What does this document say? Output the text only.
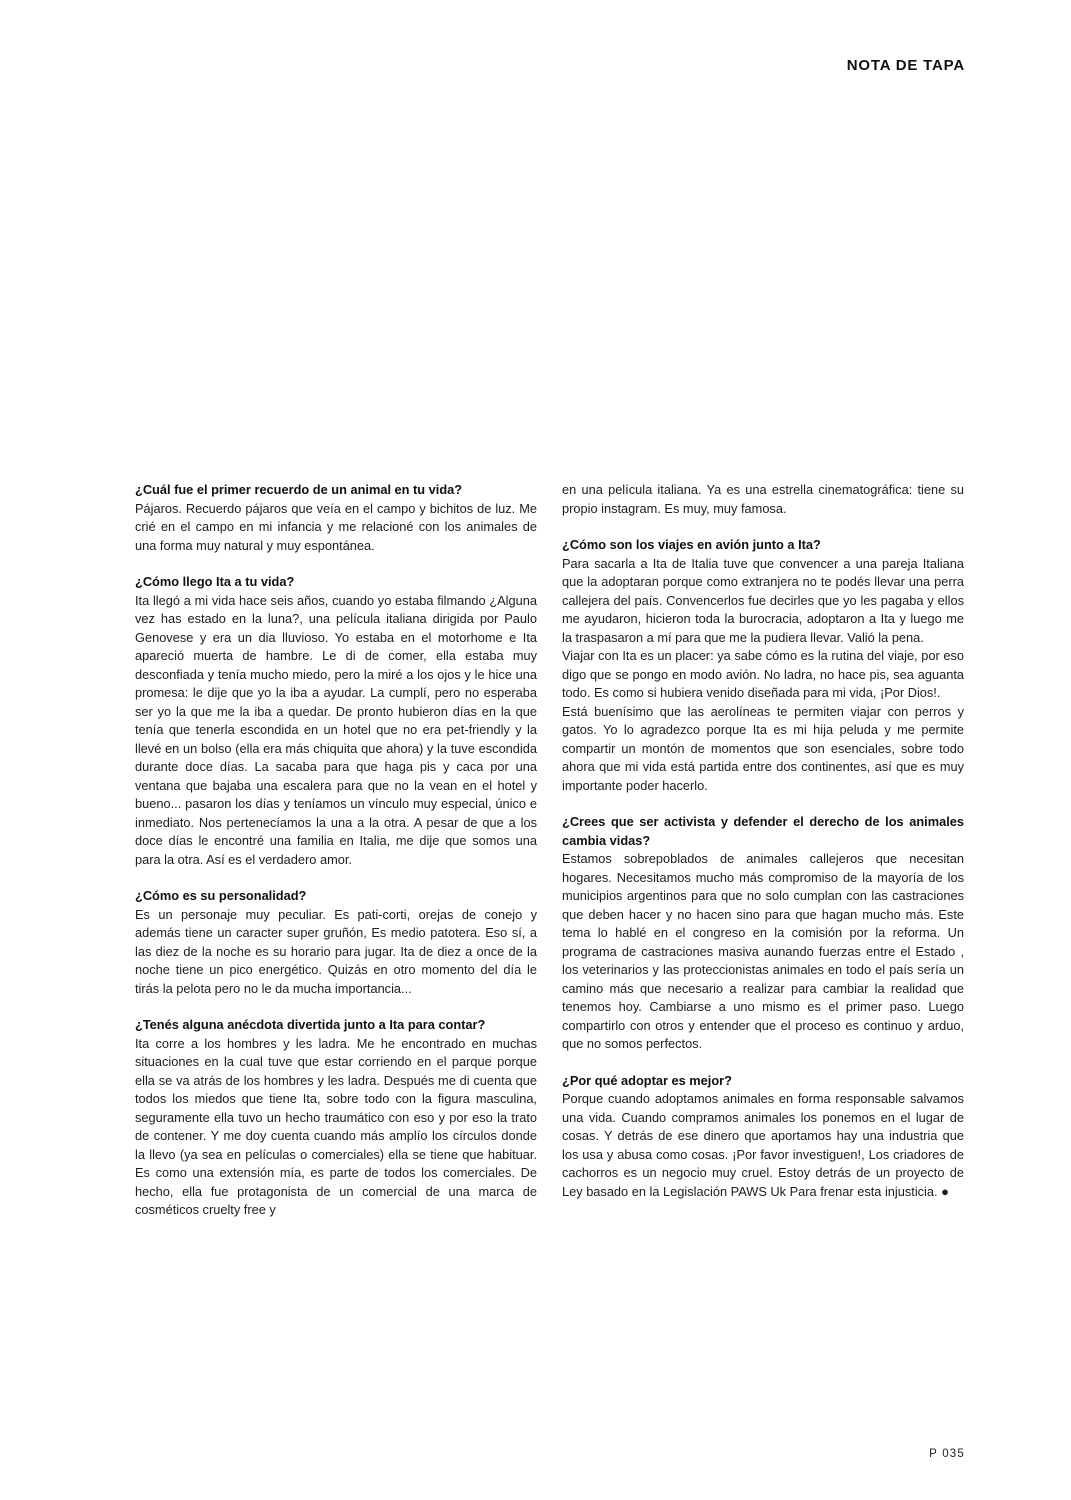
NOTA DE TAPA

¿Cuál fue el primer recuerdo de un animal en tu vida?

Pájaros. Recuerdo pájaros que veía en el campo y bichitos de luz. Me crié en el campo en mi infancia y me relacioné con los animales de una forma muy natural y muy espontánea.

¿Cómo llego Ita a tu vida?

Ita llegó a mi vida hace seis años, cuando yo estaba filmando ¿Alguna vez has estado en la luna?, una película italiana dirigida por Paulo Genovese y era un dia lluvioso. Yo estaba en el motorhome e Ita apareció muerta de hambre. Le di de comer, ella estaba muy desconfiada y tenía mucho miedo, pero la miré a los ojos y le hice una promesa: le dije que yo la iba a ayudar. La cumplí, pero no esperaba ser yo la que me la iba a quedar. De pronto hubieron días en la que tenía que tenerla escondida en un hotel que no era pet-friendly y la llevé en un bolso (ella era más chiquita que ahora) y la tuve escondida durante doce días. La sacaba para que haga pis y caca por una ventana que bajaba una escalera para que no la vean en el hotel y bueno... pasaron los días y teníamos un vínculo muy especial, único e inmediato. Nos pertenecíamos la una a la otra. A pesar de que a los doce días le encontré una familia en Italia, me dije que somos una para la otra. Así es el verdadero amor.

¿Cómo es su personalidad?

Es un personaje muy peculiar. Es pati-corti, orejas de conejo y además tiene un caracter super gruñón, Es medio patotera. Eso sí, a las diez de la noche es su horario para jugar. Ita de diez a once de la noche tiene un pico energético. Quizás en otro momento del día le tirás la pelota pero no le da mucha importancia...

¿Tenés alguna anécdota divertida junto a Ita para contar?

Ita corre a los hombres y les ladra. Me he encontrado en muchas situaciones en la cual tuve que estar corriendo en el parque porque ella se va atrás de los hombres y les ladra. Después me di cuenta que todos los miedos que tiene Ita, sobre todo con la figura masculina, seguramente ella tuvo un hecho traumático con eso y por eso la trato de contener. Y me doy cuenta cuando más amplío los círculos donde la llevo (ya sea en películas o comerciales) ella se tiene que habituar. Es como una extensión mía, es parte de todos los comerciales. De hecho, ella fue protagonista de un comercial de una marca de cosméticos cruelty free y

en una película italiana. Ya es una estrella cinematográfica: tiene su propio instagram. Es muy, muy famosa.

¿Cómo son los viajes en avión junto a Ita?

Para sacarla a Ita de Italia tuve que convencer a una pareja Italiana que la adoptaran porque como extranjera no te podés llevar una perra callejera del país. Convencerlos fue decirles que yo les pagaba y ellos me ayudaron, hicieron toda la burocracia, adoptaron a Ita y luego me la traspasaron a mí para que me la pudiera llevar. Valió la pena.

Viajar con Ita es un placer: ya sabe cómo es la rutina del viaje, por eso digo que se pongo en modo avión. No ladra, no hace pis, sea aguanta todo. Es como si hubiera venido diseñada para mi vida, ¡Por Dios!.

Está buenísimo que las aerolíneas te permiten viajar con perros y gatos. Yo lo agradezco porque Ita es mi hija peluda y me permite compartir un montón de momentos que son esenciales, sobre todo ahora que mi vida está partida entre dos continentes, así que es muy importante poder hacerlo.

¿Crees que ser activista y defender el derecho de los animales cambia vidas?

Estamos sobrepoblados de animales callejeros que necesitan hogares. Necesitamos mucho más compromiso de la mayoría de los municipios argentinos para que no solo cumplan con las castraciones que deben hacer y no hacen sino para que hagan mucho más. Este tema lo hablé en el congreso en la comisión por la reforma. Un programa de castraciones masiva aunando fuerzas entre el Estado , los veterinarios y las proteccionistas animales en todo el país sería un camino más que necesario a realizar para cambiar la realidad que tenemos hoy. Cambiarse a uno mismo es el primer paso. Luego compartirlo con otros y entender que el proceso es continuo y arduo, que no somos perfectos.

¿Por qué adoptar es mejor?

Porque cuando adoptamos animales en forma responsable salvamos una vida. Cuando compramos animales los ponemos en el lugar de cosas. Y detrás de ese dinero que aportamos hay una industria que los usa y abusa como cosas. ¡Por favor investiguen!, Los criadores de cachorros es un negocio muy cruel. Estoy detrás de un proyecto de Ley basado en la Legislación PAWS Uk Para frenar esta injusticia. ●

P 035
